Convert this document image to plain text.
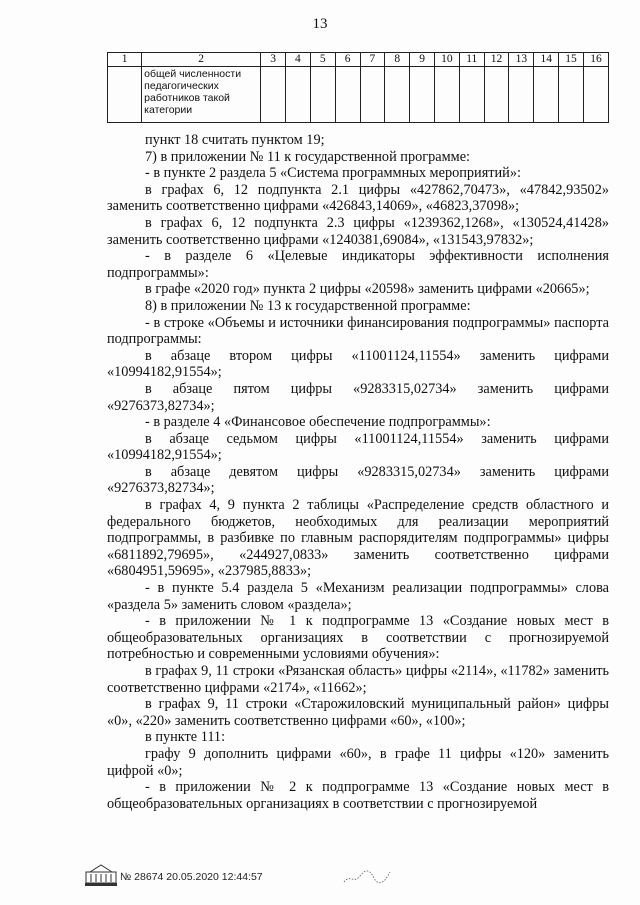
13
1	2	3	4	5	6	7	8	9	10	11	12	13	14	15	16

	общей численности педагогических работников такой категории														

пункт 18 считать пунктом 19;

7) в приложении № 11 к государственной программе:

- в пункте 2 раздела 5 «Система программных мероприятий»:

в графах 6, 12 подпункта 2.1 цифры «427862,70473», «47842,93502» заменить соответственно цифрами «426843,14069», «46823,37098»;

в графах 6, 12 подпункта 2.3 цифры «1239362,1268», «130524,41428» заменить соответственно цифрами «1240381,69084», «131543,97832»;

- в разделе 6 «Целевые индикаторы эффективности исполнения подпрограммы»:

в графе «2020 год» пункта 2 цифры «20598» заменить цифрами «20665»;

8) в приложении № 13 к государственной программе:

- в строке «Объемы и источники финансирования подпрограммы» паспорта подпрограммы:

в абзаце втором цифры «11001124,11554» заменить цифрами «10994182,91554»;

в абзаце пятом цифры «9283315,02734» заменить цифрами «9276373,82734»;

- в разделе 4 «Финансовое обеспечение подпрограммы»:

в абзаце седьмом цифры «11001124,11554» заменить цифрами «10994182,91554»;

в абзаце девятом цифры «9283315,02734» заменить цифрами «9276373,82734»;

в графах 4, 9 пункта 2 таблицы «Распределение средств областного и федерального бюджетов, необходимых для реализации мероприятий подпрограммы, в разбивке по главным распорядителям подпрограммы» цифры «6811892,79695», «244927,0833» заменить соответственно цифрами «6804951,59695», «237985,8833»;

- в пункте 5.4 раздела 5 «Механизм реализации подпрограммы» слова «раздела 5» заменить словом «раздела»;

- в приложении № 1 к подпрограмме 13 «Создание новых мест в общеобразовательных организациях в соответствии с прогнозируемой потребностью и современными условиями обучения»:

в графах 9, 11 строки «Рязанская область» цифры «2114», «11782» заменить соответственно цифрами «2174», «11662»;

в графах 9, 11 строки «Старожиловский муниципальный район» цифры «0», «220» заменить соответственно цифрами «60», «100»;

в пункте 111:

графу 9 дополнить цифрами «60», в графе 11 цифры «120» заменить цифрой «0»;

- в приложении № 2 к подпрограмме 13 «Создание новых мест в общеобразовательных организациях в соответствии с прогнозируемой

№ 28674 20.05.2020 12:44:57
